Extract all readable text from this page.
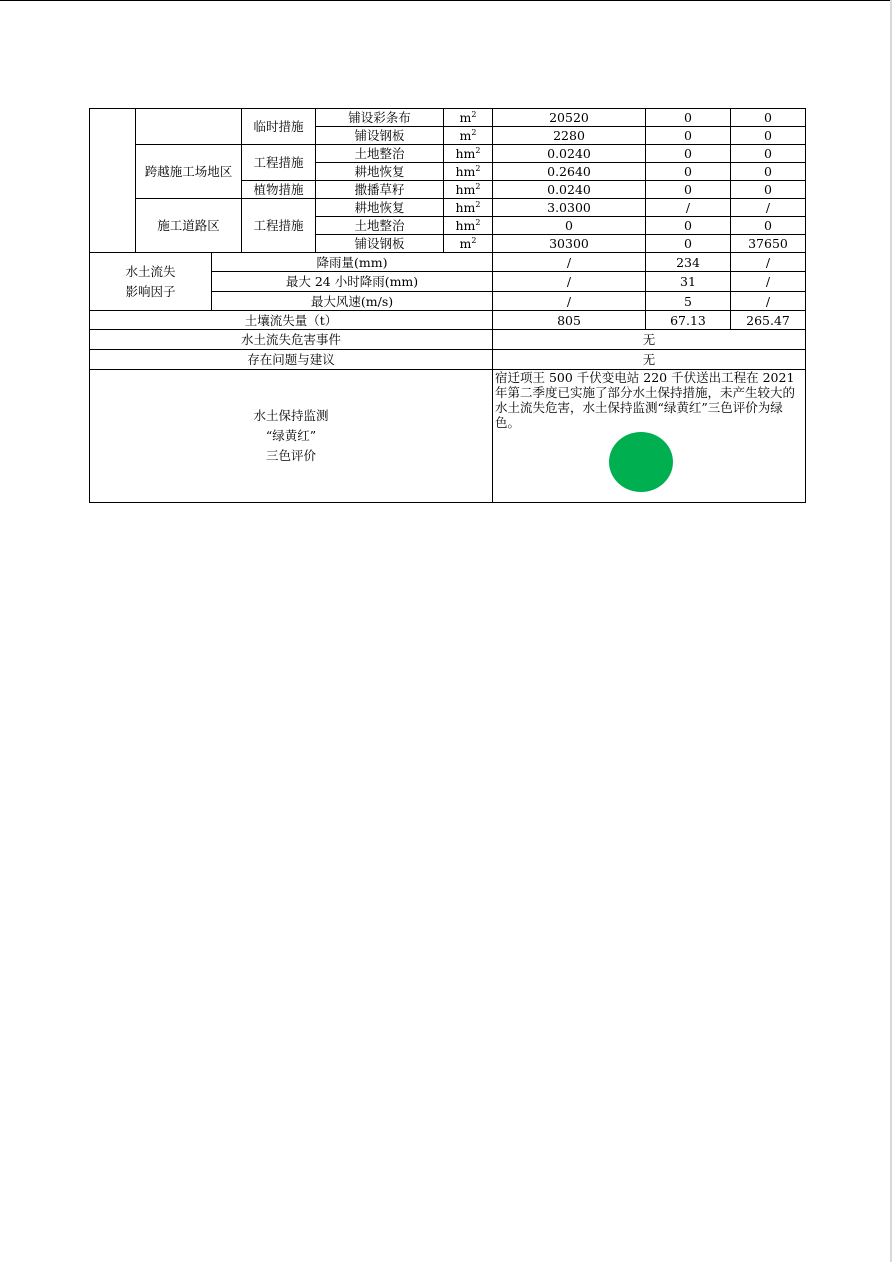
			临时措施	铺设彩条布	$m^2$	20520	0	0
				铺设钢板	$m^2$	2280	0	0
	跨越施工场地区		工程措施	土地整治	$hm^2$	0.0240	0	0
				耕地恢复	$hm^2$	0.2640	0	0
			植物措施	撒播草籽	$hm^2$	0.0240	0	0
	施工道路区		工程措施	耕地恢复	$hm^2$	3.0300	/	/
				土地整治	$hm^2$	0	0	0
				铺设钢板	$m^2$	30300	0	37650

水土流失
影响因子		降雨量(mm)				/	234	/
		最大 24 小时降雨(mm)				/	31	/
		最大风速(m/s)				/	5	/
土壤流失量（t）						805	67.13	265.47
水土流失危害事件						无		
存在问题与建议						无		

水土保持监测
“绿黄红”
三色评价						宿迁项王 500 千伏变电站 220 千伏送出工程在 2021 年第二季度已实施了部分水土保持措施，未产生较大的水土流失危害，水土保持监测“绿黄红”三色评价为绿色。		
